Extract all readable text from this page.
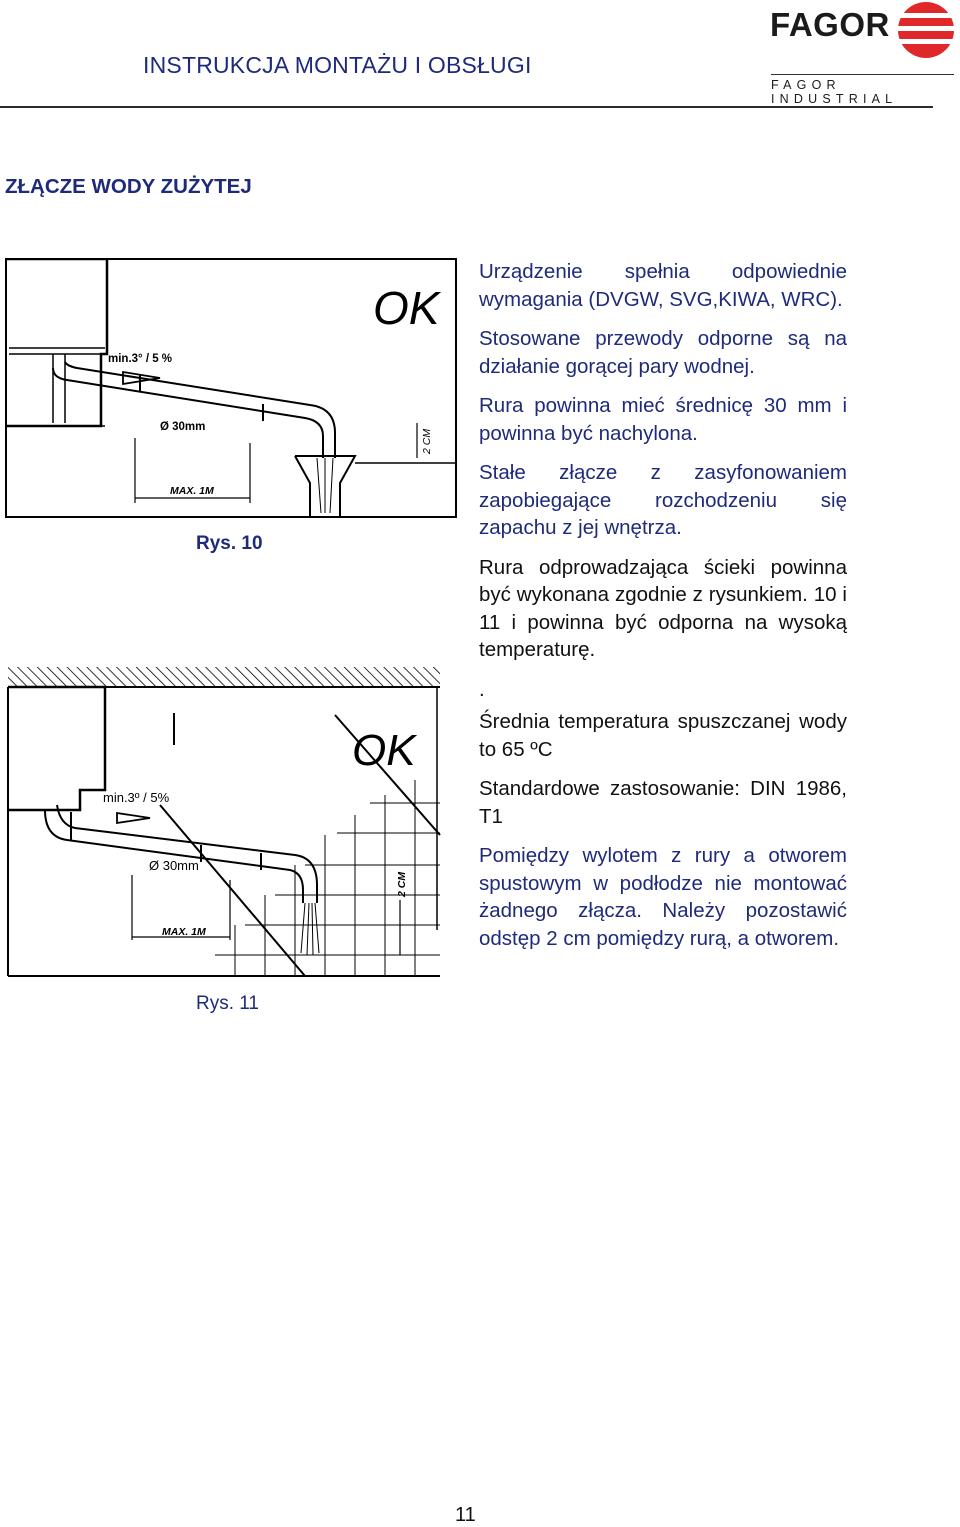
INSTRUKCJA MONTAŻU I OBSŁUGI
FAGOR
FAGOR INDUSTRIAL
ZŁĄCZE WODY ZUŻYTEJ
OK
min.3° / 5 %
Ø 30mm
MAX. 1M
2 CM
Rys. 10
OK
min.3º / 5%
Ø 30mm
MAX. 1M
2 CM
Rys. 11

Urządzenie spełnia odpowiednie wymagania (DVGW, SVG,KIWA, WRC).

Stosowane przewody odporne są na działanie gorącej pary wodnej.

Rura powinna mieć średnicę 30 mm i powinna być nachylona.

Stałe złącze z zasyfonowaniem zapobiegające rozchodzeniu się zapachu z jej wnętrza.

Rura odprowadzająca ścieki powinna być wykonana zgodnie z rysunkiem. 10 i 11 i powinna być odporna na wysoką temperaturę.

.

Średnia temperatura spuszczanej wody to 65 ºC

Standardowe zastosowanie: DIN 1986, T1

Pomiędzy wylotem z rury a otworem spustowym w podłodze nie montować żadnego złącza. Należy pozostawić odstęp 2 cm pomiędzy rurą, a otworem.

11
